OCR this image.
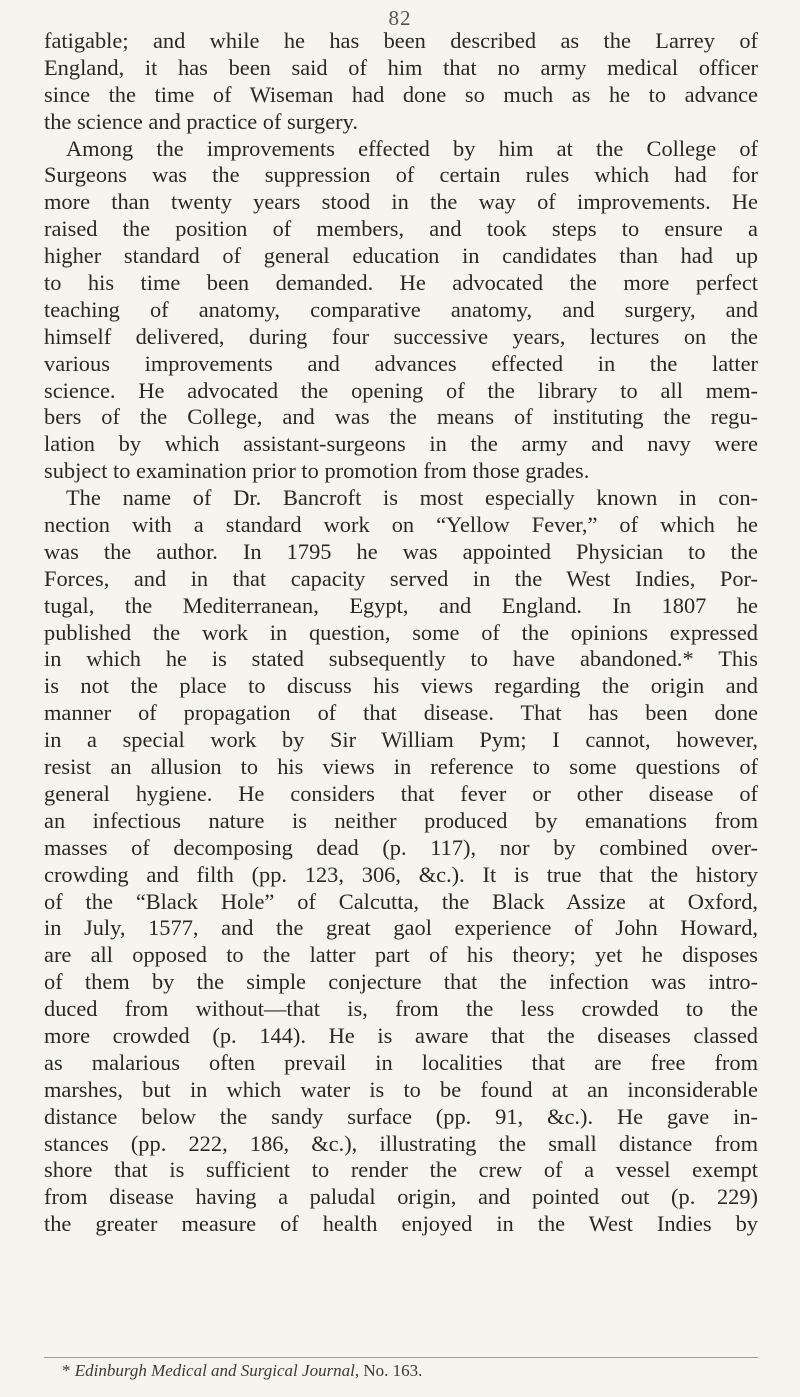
82
fatigable; and while he has been described as the Larrey of
England, it has been said of him that no army medical officer
since the time of Wiseman had done so much as he to advance
the science and practice of surgery.
Among the improvements effected by him at the College of
Surgeons was the suppression of certain rules which had for
more than twenty years stood in the way of improvements. He
raised the position of members, and took steps to ensure a
higher standard of general education in candidates than had up
to his time been demanded. He advocated the more perfect
teaching of anatomy, comparative anatomy, and surgery, and
himself delivered, during four successive years, lectures on the
various improvements and advances effected in the latter
science. He advocated the opening of the library to all mem-
bers of the College, and was the means of instituting the regu-
lation by which assistant-surgeons in the army and navy were
subject to examination prior to promotion from those grades.
The name of Dr. Bancroft is most especially known in con-
nection with a standard work on “Yellow Fever,” of which he
was the author. In 1795 he was appointed Physician to the
Forces, and in that capacity served in the West Indies, Por-
tugal, the Mediterranean, Egypt, and England. In 1807 he
published the work in question, some of the opinions expressed
in which he is stated subsequently to have abandoned.* This
is not the place to discuss his views regarding the origin and
manner of propagation of that disease. That has been done
in a special work by Sir William Pym; I cannot, however,
resist an allusion to his views in reference to some questions of
general hygiene. He considers that fever or other disease of
an infectious nature is neither produced by emanations from
masses of decomposing dead (p. 117), nor by combined over-
crowding and filth (pp. 123, 306, &c.). It is true that the history
of the “Black Hole” of Calcutta, the Black Assize at Oxford,
in July, 1577, and the great gaol experience of John Howard,
are all opposed to the latter part of his theory; yet he disposes
of them by the simple conjecture that the infection was intro-
duced from without—that is, from the less crowded to the
more crowded (p. 144). He is aware that the diseases classed
as malarious often prevail in localities that are free from
marshes, but in which water is to be found at an inconsiderable
distance below the sandy surface (pp. 91, &c.). He gave in-
stances (pp. 222, 186, &c.), illustrating the small distance from
shore that is sufficient to render the crew of a vessel exempt
from disease having a paludal origin, and pointed out (p. 229)
the greater measure of health enjoyed in the West Indies by
* Edinburgh Medical and Surgical Journal, No. 163.
